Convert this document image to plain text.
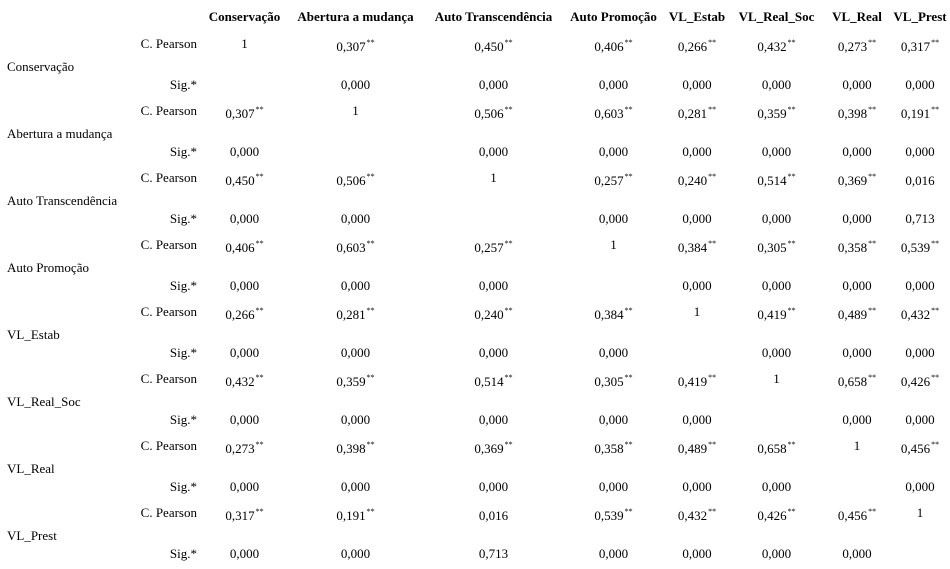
		Conservação	Abertura a mudança	Auto Transcendência	Auto Promoção	VL_Estab	VL_Real_Soc	VL_Real	VL_Prest
Conservação	C. Pearson	1	0,307**	0,450**	0,406**	0,266**	0,432**	0,273**	0,317**
	Sig.*		0,000	0,000	0,000	0,000	0,000	0,000	0,000
Abertura a mudança	C. Pearson	0,307**	1	0,506**	0,603**	0,281**	0,359**	0,398**	0,191**
	Sig.*	0,000		0,000	0,000	0,000	0,000	0,000	0,000
Auto Transcendência	C. Pearson	0,450**	0,506**	1	0,257**	0,240**	0,514**	0,369**	0,016
	Sig.*	0,000	0,000		0,000	0,000	0,000	0,000	0,713
Auto Promoção	C. Pearson	0,406**	0,603**	0,257**	1	0,384**	0,305**	0,358**	0,539**
	Sig.*	0,000	0,000	0,000		0,000	0,000	0,000	0,000
VL_Estab	C. Pearson	0,266**	0,281**	0,240**	0,384**	1	0,419**	0,489**	0,432**
	Sig.*	0,000	0,000	0,000	0,000		0,000	0,000	0,000
VL_Real_Soc	C. Pearson	0,432**	0,359**	0,514**	0,305**	0,419**	1	0,658**	0,426**
	Sig.*	0,000	0,000	0,000	0,000	0,000		0,000	0,000
VL_Real	C. Pearson	0,273**	0,398**	0,369**	0,358**	0,489**	0,658**	1	0,456**
	Sig.*	0,000	0,000	0,000	0,000	0,000	0,000		0,000
VL_Prest	C. Pearson	0,317**	0,191**	0,016	0,539**	0,432**	0,426**	0,456**	1
	Sig.*	0,000	0,000	0,713	0,000	0,000	0,000	0,000	
